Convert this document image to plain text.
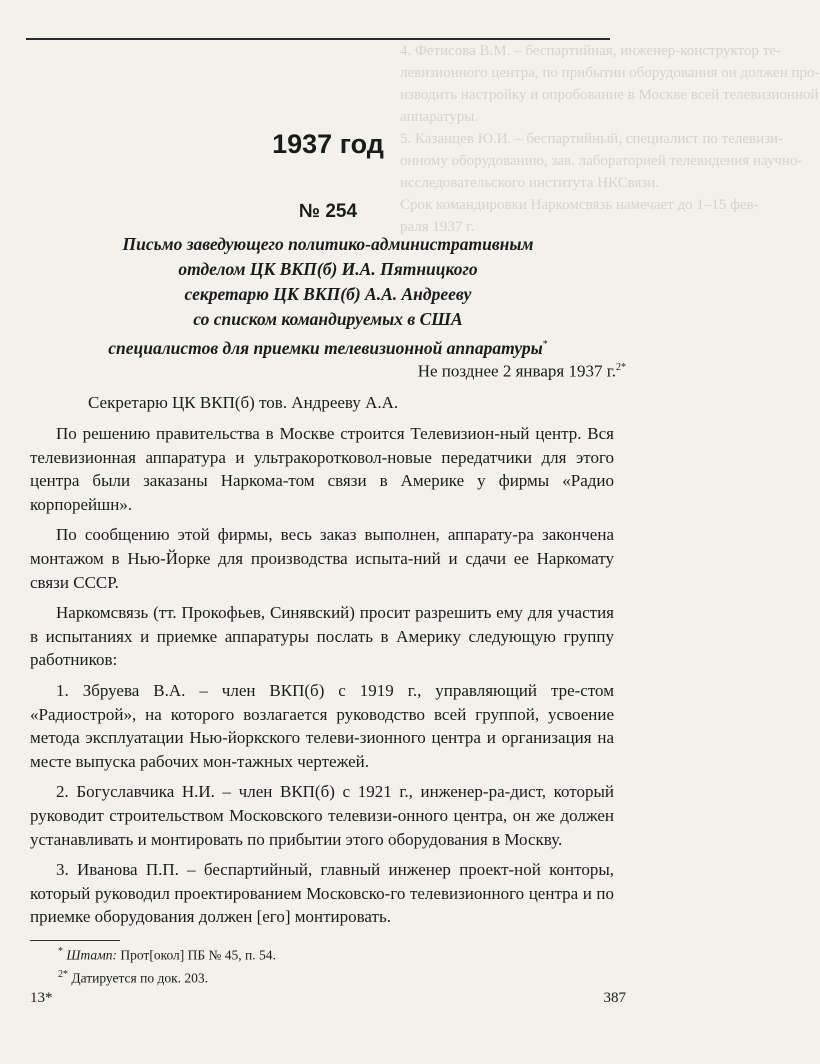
4. Фетисова В.М. – беспартийная, инженер-конструктор те-
левизионного центра, по прибытии оборудования он должен про-
изводить настройку и опробование в Москве всей телевизионной
аппаратуры.
5. Казанцев Ю.И. – беспартийный, специалист по телевизи-
онному оборудованию, зав. лабораторией телевидения научно-
исследовательского института НКСвязи.
Срок командировки Наркомсвязь намечает до 1–15 фев-
раля 1937 г.
1937 год
№ 254
Письмо заведующего политико-административным
отделом ЦК ВКП(б) И.А. Пятницкого
секретарю ЦК ВКП(б) А.А. Андрееву
со списком командируемых в США
специалистов для приемки телевизионной аппаратуры*
Не позднее 2 января 1937 г.$^{2*}$
Секретарю ЦК ВКП(б) тов. Андрееву А.А.

По решению правительства в Москве строится Телевизион-ный центр. Вся телевизионная аппаратура и ультракоротковол-новые передатчики для этого центра были заказаны Наркома-том связи в Америке у фирмы «Радио корпорейшн».

По сообщению этой фирмы, весь заказ выполнен, аппарату-ра закончена монтажом в Нью-Йорке для производства испыта-ний и сдачи ее Наркомату связи СССР.

Наркомсвязь (тт. Прокофьев, Синявский) просит разрешить ему для участия в испытаниях и приемке аппаратуры послать в Америку следующую группу работников:

1. Збруева В.А. – член ВКП(б) с 1919 г., управляющий тре-стом «Радиострой», на которого возлагается руководство всей группой, усвоение метода эксплуатации Нью-йоркского телеви-зионного центра и организация на месте выпуска рабочих мон-тажных чертежей.

2. Богуславчика Н.И. – член ВКП(б) с 1921 г., инженер-ра-дист, который руководит строительством Московского телевизи-онного центра, он же должен устанавливать и монтировать по прибытии этого оборудования в Москву.

3. Иванова П.П. – беспартийный, главный инженер проект-ной конторы, который руководил проектированием Московско-го телевизионного центра и по приемке оборудования должен [его] монтировать.

* Штамп: Прот[окол] ПБ № 45, п. 54.
$^{2*}$ Датируется по док. 203.
13*	387
